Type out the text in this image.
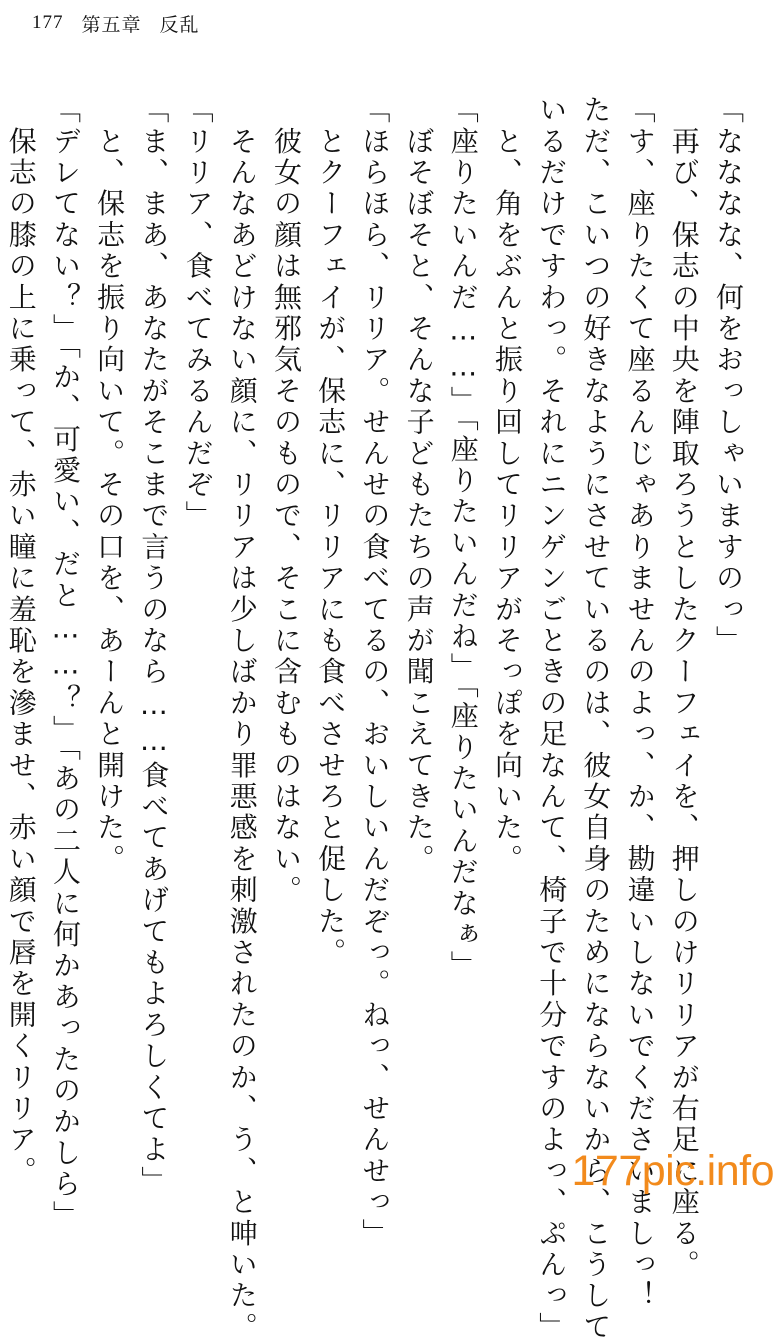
177 第五章 反乱

「なななな、何をおっしゃいますのっ」

　再び、保志の中央を陣取ろうとしたクーフェイを、押しのけリリアが右足に座る。

「す、座りたくて座るんじゃありませんのよっ、か、勘違いしないでくださいましっ！

ただ、こいつの好きなようにさせているのは、彼女自身のためにならないから、こうして

いるだけですわっ。それにニンゲンごときの足なんて、椅子で十分ですのよっ、ぷんっ」

　と、角をぶんと振り回してリリアがそっぽを向いた。

「座りたいんだ……」「座りたいんだね」「座りたいんだなぁ」

　ぼそぼそと、そんな子どもたちの声が聞こえてきた。

「ほらほら、リリア。せんせの食べてるの、おいしいんだぞっ。ねっ、せんせっ」

　とクーフェイが、保志に、リリアにも食べさせろと促した。

　彼女の顔は無邪気そのもので、そこに含むものはない。

　そんなあどけない顔に、リリアは少しばかり罪悪感を刺激されたのか、う、と呻いた。

「リリア、食べてみるんだぞ」

「ま、まあ、あなたがそこまで言うのなら……食べてあげてもよろしくてよ」

　と、保志を振り向いて。その口を、あーんと開けた。

「デレてない？」「か、可愛い、だと……？」「あの二人に何かあったのかしら」

　保志の膝の上に乗って、赤い瞳に羞恥を滲ませ、赤い顔で唇を開くリリア。	177pic.info
